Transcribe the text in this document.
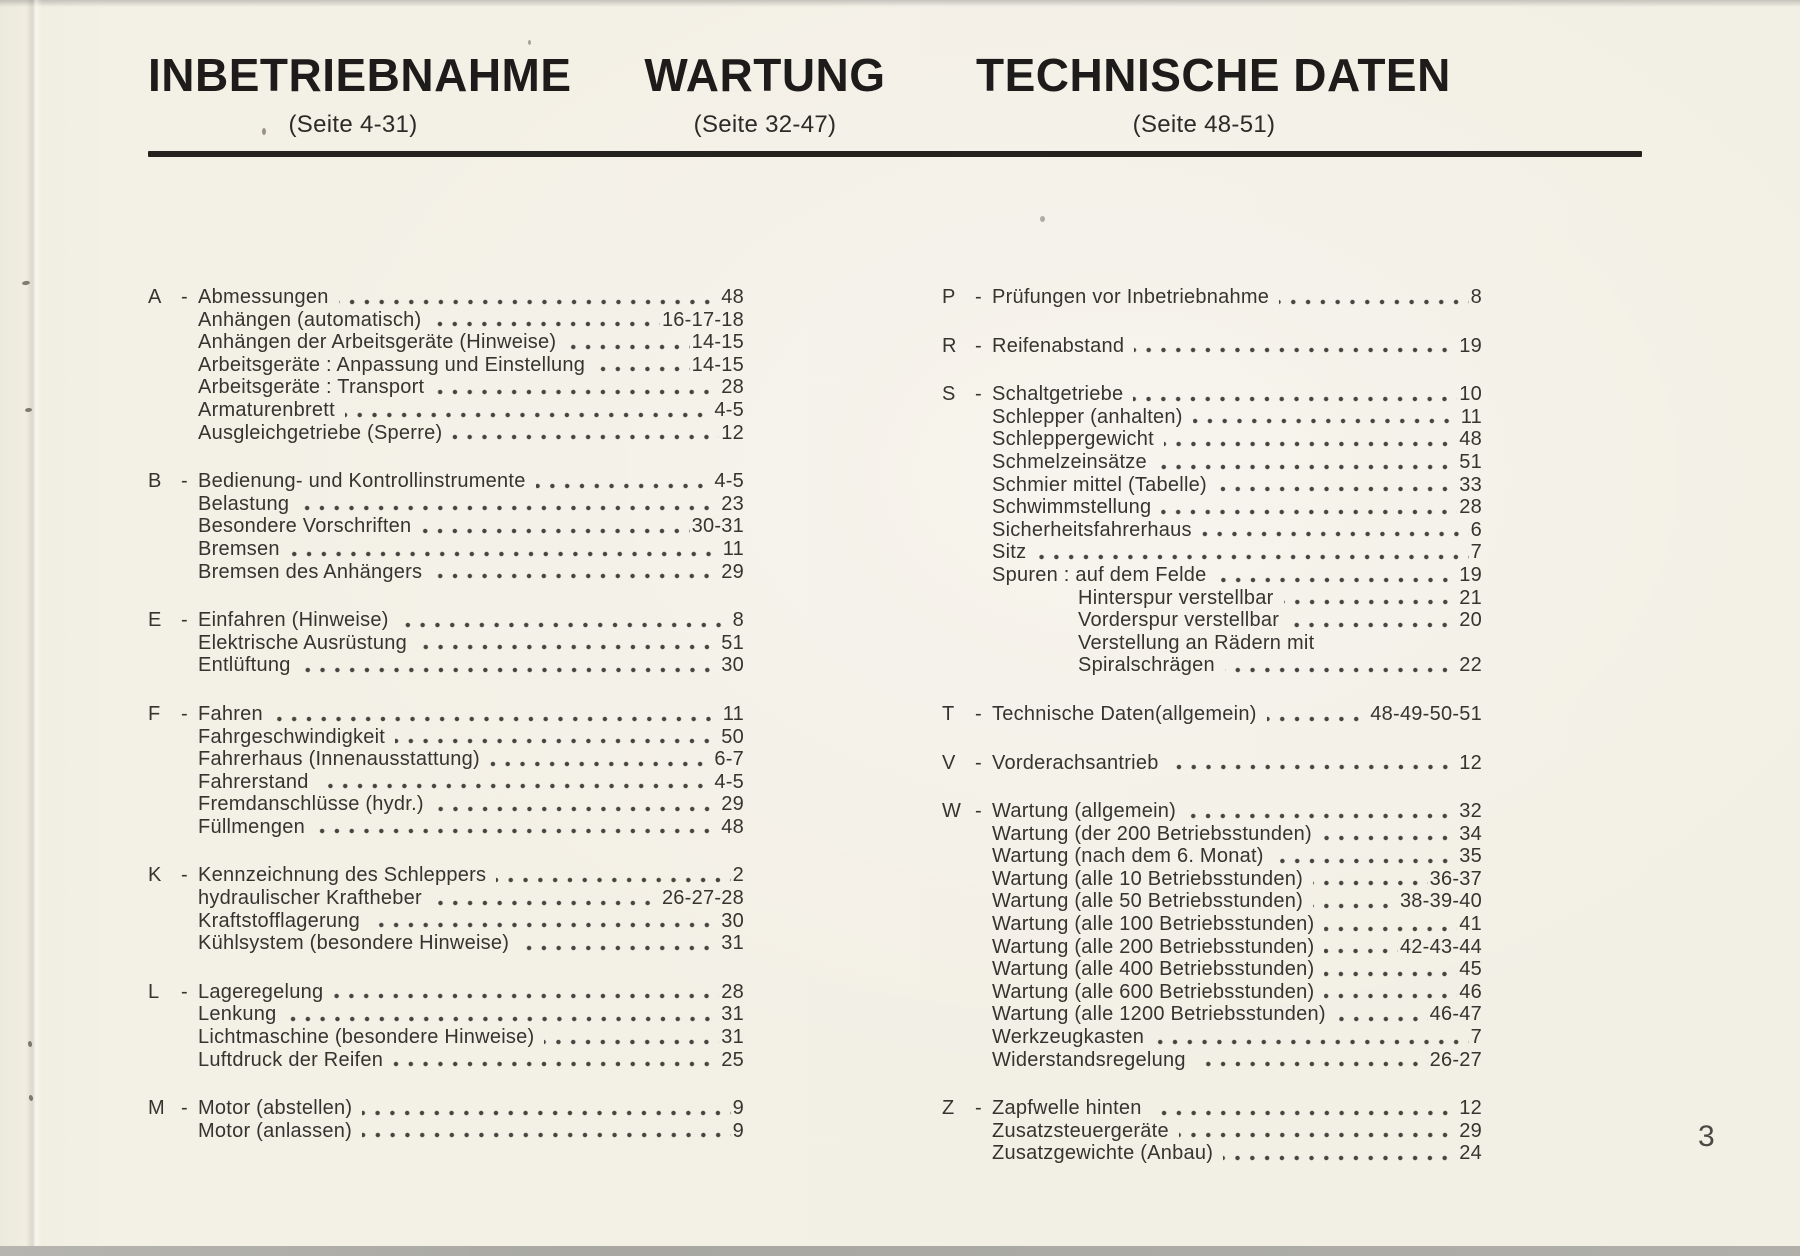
INBETRIEBNAHME
(Seite 4-31)
WARTUNG
(Seite 32-47)
TECHNISCHE DATEN
(Seite 48-51)
A - Abmessungen	48
Anhängen (automatisch)	16-17-18
Anhängen der Arbeitsgeräte (Hinweise)	14-15
Arbeitsgeräte : Anpassung und Einstellung	14-15
Arbeitsgeräte : Transport	28
Armaturenbrett	4-5
Ausgleichgetriebe (Sperre)	12
B - Bedienung- und Kontrollinstrumente	4-5
Belastung	23
Besondere Vorschriften	30-31
Bremsen	11
Bremsen des Anhängers	29
E - Einfahren (Hinweise)	8
Elektrische Ausrüstung	51
Entlüftung	30
F	- Fahren	11
Fahrgeschwindigkeit	50
Fahrerhaus (Innenausstattung)	6-7
Fahrerstand	4-5
Fremdanschlüsse (hydr.)	29
Füllmengen	48
K - Kennzeichnung des Schleppers	2
hydraulischer Kraftheber	26-27-28
Kraftstofflagerung	30
Kühlsystem (besondere Hinweise)	31
L	- Lageregelung	28
Lenkung	31
Lichtmaschine (besondere Hinweise)	31
Luftdruck der Reifen	25
M - Motor (abstellen)	9
Motor (anlassen)	9
P - Prüfungen vor Inbetriebnahme	8
R - Reifenabstand	19
S - Schaltgetriebe	10
Schlepper (anhalten)	11
Schleppergewicht	48
Schmelzeinsätze	51
Schmier mittel (Tabelle)	33
Schwimmstellung	28
Sicherheitsfahrerhaus	6
Sitz	7
Spuren : auf dem Felde	19
Hinterspur verstellbar	21
Vorderspur verstellbar	20
Verstellung an Rädern mit
Spiralschrägen	22
T	- Technische Daten(allgemein)	48-49-50-51
V - Vorderachsantrieb	12
W - Wartung (allgemein)	32
Wartung (der 200 Betriebsstunden)	34
Wartung (nach dem 6. Monat)	35
Wartung (alle 10 Betriebsstunden)	36-37
Wartung (alle 50 Betriebsstunden)	38-39-40
Wartung (alle 100 Betriebsstunden)	41
Wartung (alle 200 Betriebsstunden)	42-43-44
Wartung (alle 400 Betriebsstunden)	45
Wartung (alle 600 Betriebsstunden)	46
Wartung (alle 1200 Betriebsstunden)	46-47
Werkzeugkasten	7
Widerstandsregelung	26-27
Z	- Zapfwelle hinten	12
Zusatzsteuergeräte	29
Zusatzgewichte (Anbau)	24
3
